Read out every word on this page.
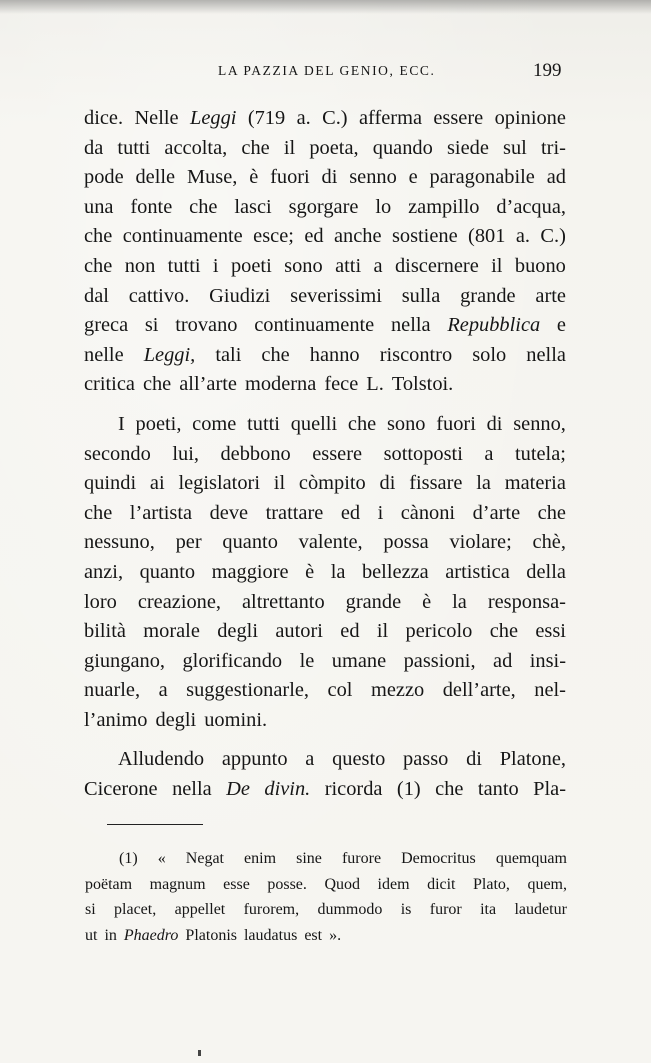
LA PAZZIA DEL GENIO, ECC.	199
dice. Nelle Leggi (719 a. C.) afferma essere opinione
da tutti accolta, che il poeta, quando siede sul tri-
pode delle Muse, è fuori di senno e paragonabile ad
una fonte che lasci sgorgare lo zampillo d’acqua,
che continuamente esce; ed anche sostiene (801 a. C.)
che non tutti i poeti sono atti a discernere il buono
dal cattivo. Giudizi severissimi sulla grande arte
greca si trovano continuamente nella Repubblica e
nelle Leggi, tali che hanno riscontro solo nella
critica che all’arte moderna fece L. Tolstoi.
I poeti, come tutti quelli che sono fuori di senno,
secondo lui, debbono essere sottoposti a tutela;
quindi ai legislatori il còmpito di fissare la materia
che l’artista deve trattare ed i cànoni d’arte che
nessuno, per quanto valente, possa violare; chè,
anzi, quanto maggiore è la bellezza artistica della
loro creazione, altrettanto grande è la responsa-
bilità morale degli autori ed il pericolo che essi
giungano, glorificando le umane passioni, ad insi-
nuarle, a suggestionarle, col mezzo dell’arte, nel-
l’animo degli uomini.
Alludendo appunto a questo passo di Platone,
Cicerone nella De divin. ricorda (1) che tanto Pla-
(1) « Negat enim sine furore Democritus quemquam
poëtam magnum esse posse. Quod idem dicit Plato, quem,
si placet, appellet furorem, dummodo is furor ita laudetur
ut in Phaedro Platonis laudatus est ».
